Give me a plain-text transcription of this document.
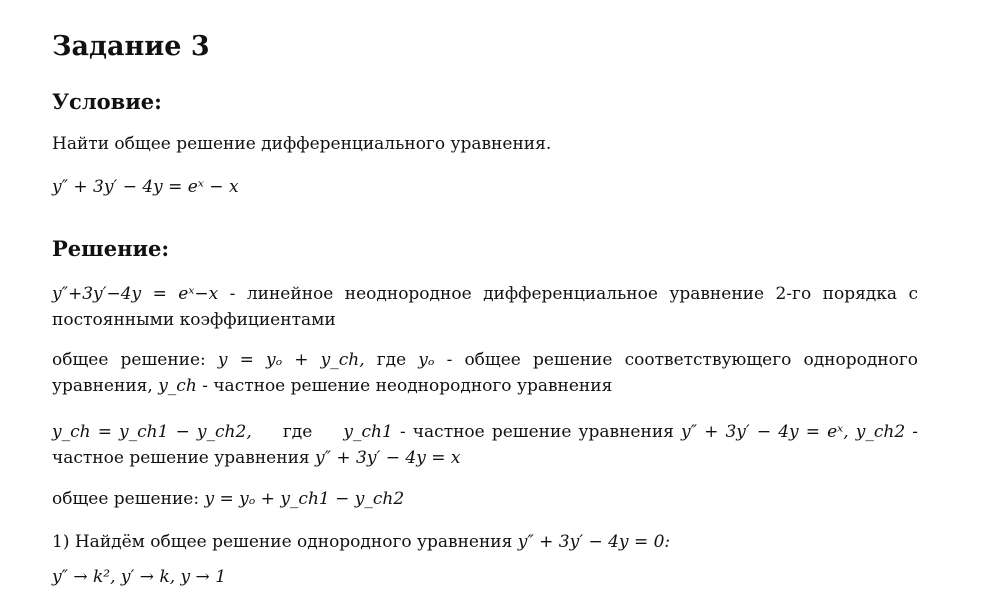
Задание 3
Условие:

Найти общее решение дифференциального уравнения.

y″ + 3y′ − 4y = eˣ − x

Решение:

y″+3y′−4y = eˣ−x - линейное неоднородное дифференциальное уравнение 2-го порядка с постоянными коэффициентами

общее решение: y = yₒ + y_ch, где yₒ - общее решение соответствующего однородного уравнения, y_ch - частное решение неоднородного уравнения

y_ch = y_ch1 − y_ch2, где y_ch1 - частное решение уравнения y″ + 3y′ − 4y = eˣ, y_ch2 - частное решение уравнения y″ + 3y′ − 4y = x

общее решение: y = yₒ + y_ch1 − y_ch2

1) Найдём общее решение однородного уравнения y″ + 3y′ − 4y = 0:

y″ → k², y′ → k, y → 1
